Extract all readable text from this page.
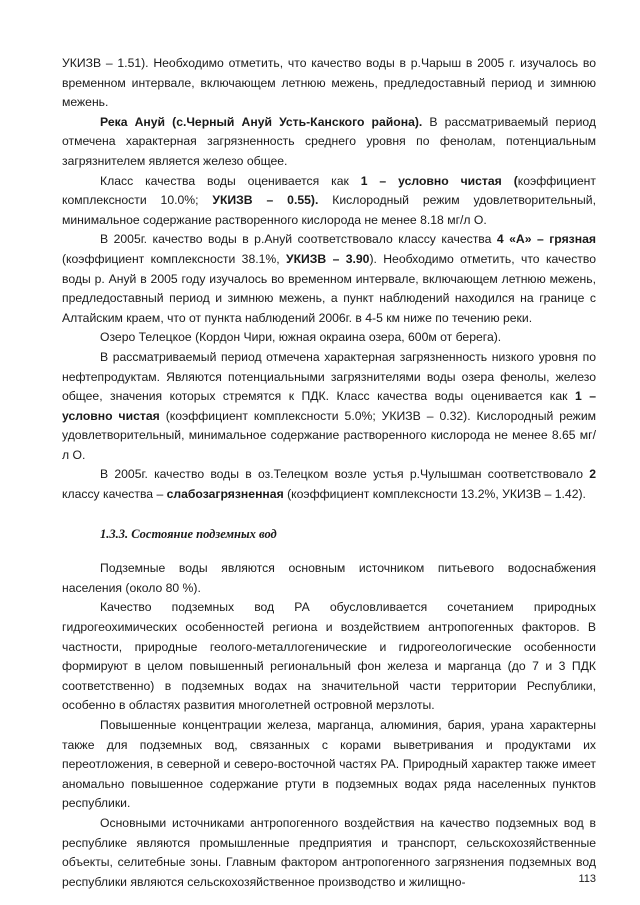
УКИЗВ – 1.51). Необходимо отметить, что качество воды в р.Чарыш в 2005 г. изучалось во временном интервале, включающем летнюю межень, предледоставный период и зимнюю межень.

Река Ануй (с.Черный Ануй Усть-Канского района). В рассматриваемый период отмечена характерная загрязненность среднего уровня по фенолам, потенциальным загрязнителем является железо общее.

Класс качества воды оценивается как 1 – условно чистая (коэффициент комплексности 10.0%; УКИЗВ – 0.55). Кислородный режим удовлетворительный, минимальное содержание растворенного кислорода не менее 8.18 мг/л О.

В 2005г. качество воды в р.Ануй соответствовало классу качества 4 «А» – грязная (коэффициент комплексности 38.1%, УКИЗВ – 3.90). Необходимо отметить, что качество воды р. Ануй в 2005 году изучалось во временном интервале, включающем летнюю межень, предледоставный период и зимнюю межень, а пункт наблюдений находился на границе с Алтайским краем, что от пункта наблюдений 2006г. в 4-5 км ниже по течению реки.

Озеро Телецкое (Кордон Чири, южная окраина озера, 600м от берега).

В рассматриваемый период отмечена характерная загрязненность низкого уровня по нефтепродуктам. Являются потенциальными загрязнителями воды озера фенолы, железо общее, значения которых стремятся к ПДК. Класс качества воды оценивается как 1 – условно чистая (коэффициент комплексности 5.0%; УКИЗВ – 0.32). Кислородный режим удовлетворительный, минимальное содержание растворенного кислорода не менее 8.65 мг/л О.

В 2005г. качество воды в оз.Телецком возле устья р.Чулышман соответствовало 2 классу качества – слабозагрязненная (коэффициент комплексности 13.2%, УКИЗВ – 1.42).

1.3.3. Состояние подземных вод

Подземные воды являются основным источником питьевого водоснабжения населения (около 80 %).

Качество подземных вод РА обусловливается сочетанием природных гидрогеохимических особенностей региона и воздействием антропогенных факторов. В частности, природные геолого-металлогенические и гидрогеологические особенности формируют в целом повышенный региональный фон железа и марганца (до 7 и 3 ПДК соответственно) в подземных водах на значительной части территории Республики, особенно в областях развития многолетней островной мерзлоты.

Повышенные концентрации железа, марганца, алюминия, бария, урана характерны также для подземных вод, связанных с корами выветривания и продуктами их переотложения, в северной и северо-восточной частях РА. Природный характер также имеет аномально повышенное содержание ртути в подземных водах ряда населенных пунктов республики.

Основными источниками антропогенного воздействия на качество подземных вод в республике являются промышленные предприятия и транспорт, сельскохозяйственные объекты, селитебные зоны. Главным фактором антропогенного загрязнения подземных вод республики являются сельскохозяйственное производство и жилищно-	113
